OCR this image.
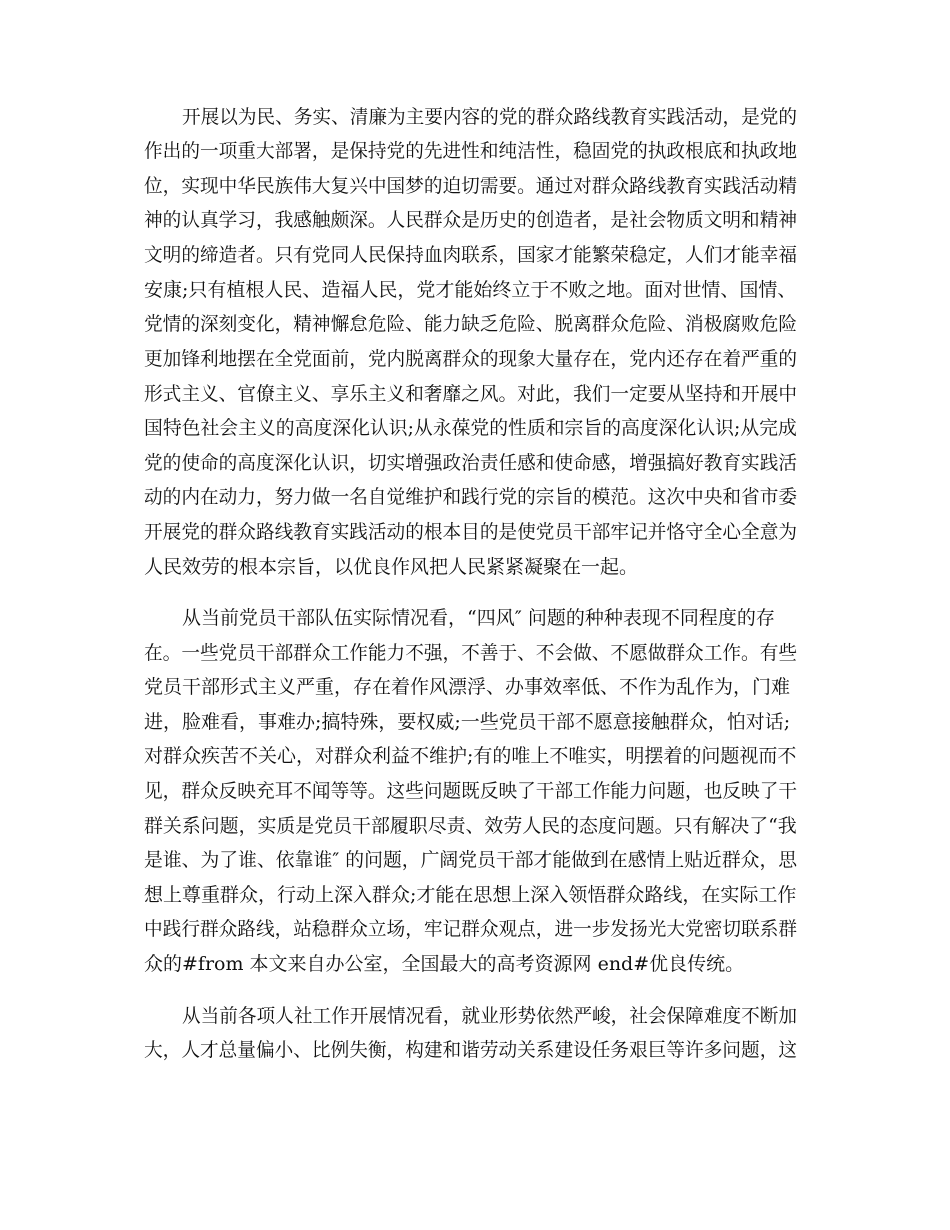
开展以为民、务实、清廉为主要内容的党的群众路线教育实践活动，是党的
作出的一项重大部署，是保持党的先进性和纯洁性，稳固党的执政根底和执政地
位，实现中华民族伟大复兴中国梦的迫切需要。通过对群众路线教育实践活动精
神的认真学习，我感触颇深。人民群众是历史的创造者，是社会物质文明和精神
文明的缔造者。只有党同人民保持血肉联系，国家才能繁荣稳定，人们才能幸福
安康;只有植根人民、造福人民，党才能始终立于不败之地。面对世情、国情、
党情的深刻变化，精神懈怠危险、能力缺乏危险、脱离群众危险、消极腐败危险
更加锋利地摆在全党面前，党内脱离群众的现象大量存在，党内还存在着严重的
形式主义、官僚主义、享乐主义和奢靡之风。对此，我们一定要从坚持和开展中
国特色社会主义的高度深化认识;从永葆党的性质和宗旨的高度深化认识;从完成
党的使命的高度深化认识，切实增强政治责任感和使命感，增强搞好教育实践活
动的内在动力，努力做一名自觉维护和践行党的宗旨的模范。这次中央和省市委
开展党的群众路线教育实践活动的根本目的是使党员干部牢记并恪守全心全意为
人民效劳的根本宗旨，以优良作风把人民紧紧凝聚在一起。
从当前党员干部队伍实际情况看，“四风″ 问题的种种表现不同程度的存
在。一些党员干部群众工作能力不强，不善于、不会做、不愿做群众工作。有些
党员干部形式主义严重，存在着作风漂浮、办事效率低、不作为乱作为，门难
进，脸难看，事难办;搞特殊，要权威;一些党员干部不愿意接触群众，怕对话;
对群众疾苦不关心，对群众利益不维护;有的唯上不唯实，明摆着的问题视而不
见，群众反映充耳不闻等等。这些问题既反映了干部工作能力问题，也反映了干
群关系问题，实质是党员干部履职尽责、效劳人民的态度问题。只有解决了“我
是谁、为了谁、依靠谁″ 的问题，广阔党员干部才能做到在感情上贴近群众，思
想上尊重群众，行动上深入群众;才能在思想上深入领悟群众路线，在实际工作
中践行群众路线，站稳群众立场，牢记群众观点，进一步发扬光大党密切联系群
众的#from 本文来自办公室，全国最大的高考资源网 end#优良传统。
从当前各项人社工作开展情况看，就业形势依然严峻，社会保障难度不断加
大，人才总量偏小、比例失衡，构建和谐劳动关系建设任务艰巨等许多问题，这
